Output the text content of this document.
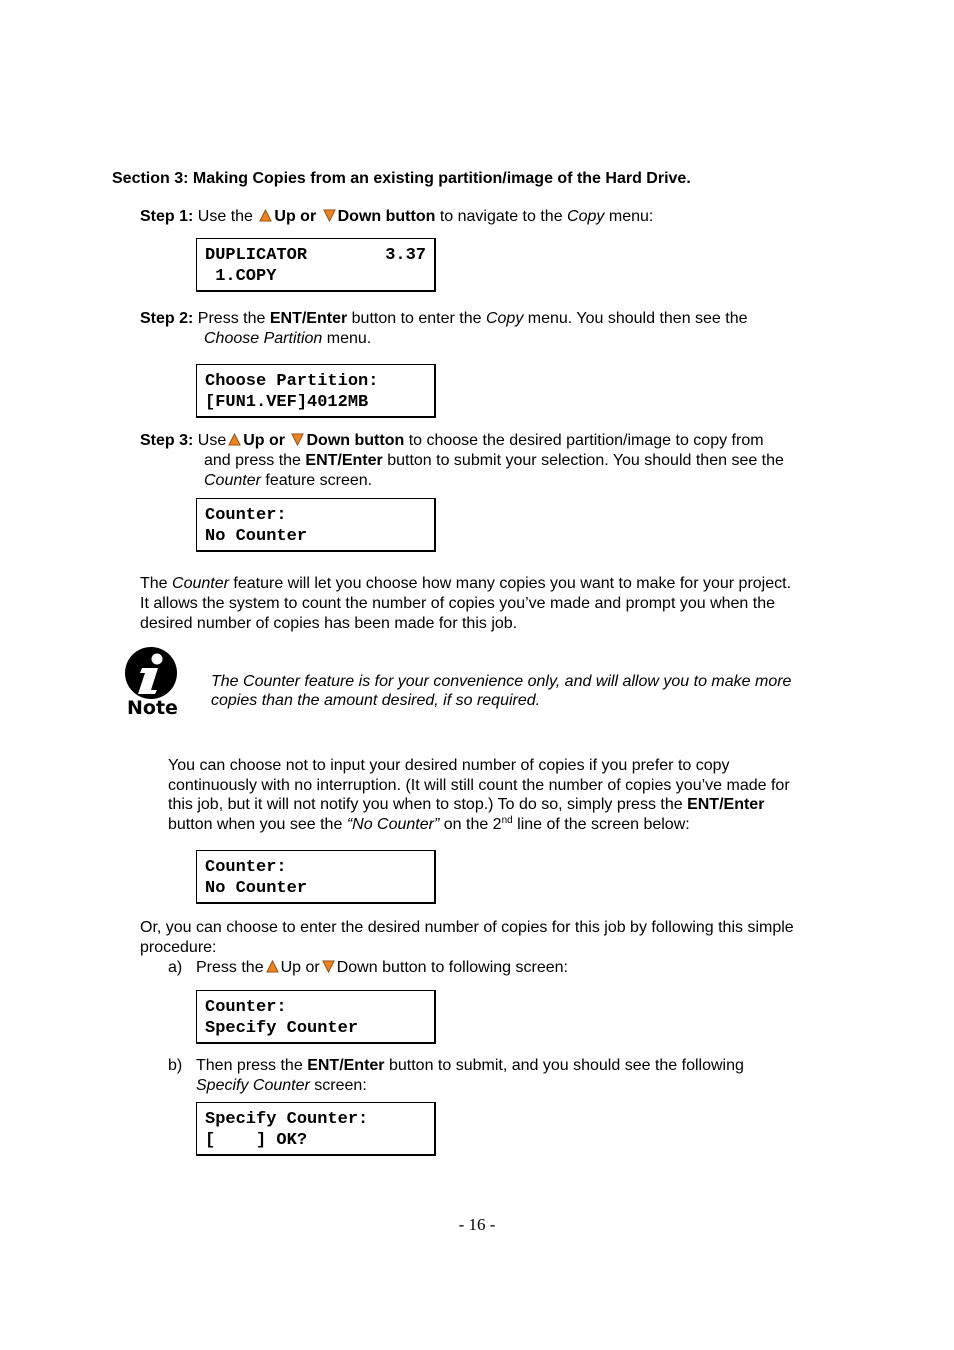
Section 3: Making Copies from an existing partition/image of the Hard Drive.
Step 1: Use the Up or Down button to navigate to the Copy menu:
DUPLICATOR	3.37
1.COPY
Step 2: Press the ENT/Enter button to enter the Copy menu. You should then see the
Choose Partition menu.
Choose Partition:
[FUN1.VEF]4012MB
Step 3: Use Up or Down button to choose the desired partition/image to copy from
and press the ENT/Enter button to submit your selection. You should then see the
Counter feature screen.
Counter:
No Counter
The Counter feature will let you choose how many copies you want to make for your project.
It allows the system to count the number of copies you’ve made and prompt you when the
desired number of copies has been made for this job.
Note
The Counter feature is for your convenience only, and will allow you to make more
copies than the amount desired, if so required.
You can choose not to input your desired number of copies if you prefer to copy
continuously with no interruption. (It will still count the number of copies you’ve made for
this job, but it will not notify you when to stop.) To do so, simply press the ENT/Enter
button when you see the “No Counter” on the 2nd line of the screen below:
Counter:
No Counter
Or, you can choose to enter the desired number of copies for this job by following this simple
procedure:
a) Press the Up or Down button to following screen:
Counter:
Specify Counter
b) Then press the ENT/Enter button to submit, and you should see the following
Specify Counter screen:
Specify Counter:
[    ] OK?
- 16 -
